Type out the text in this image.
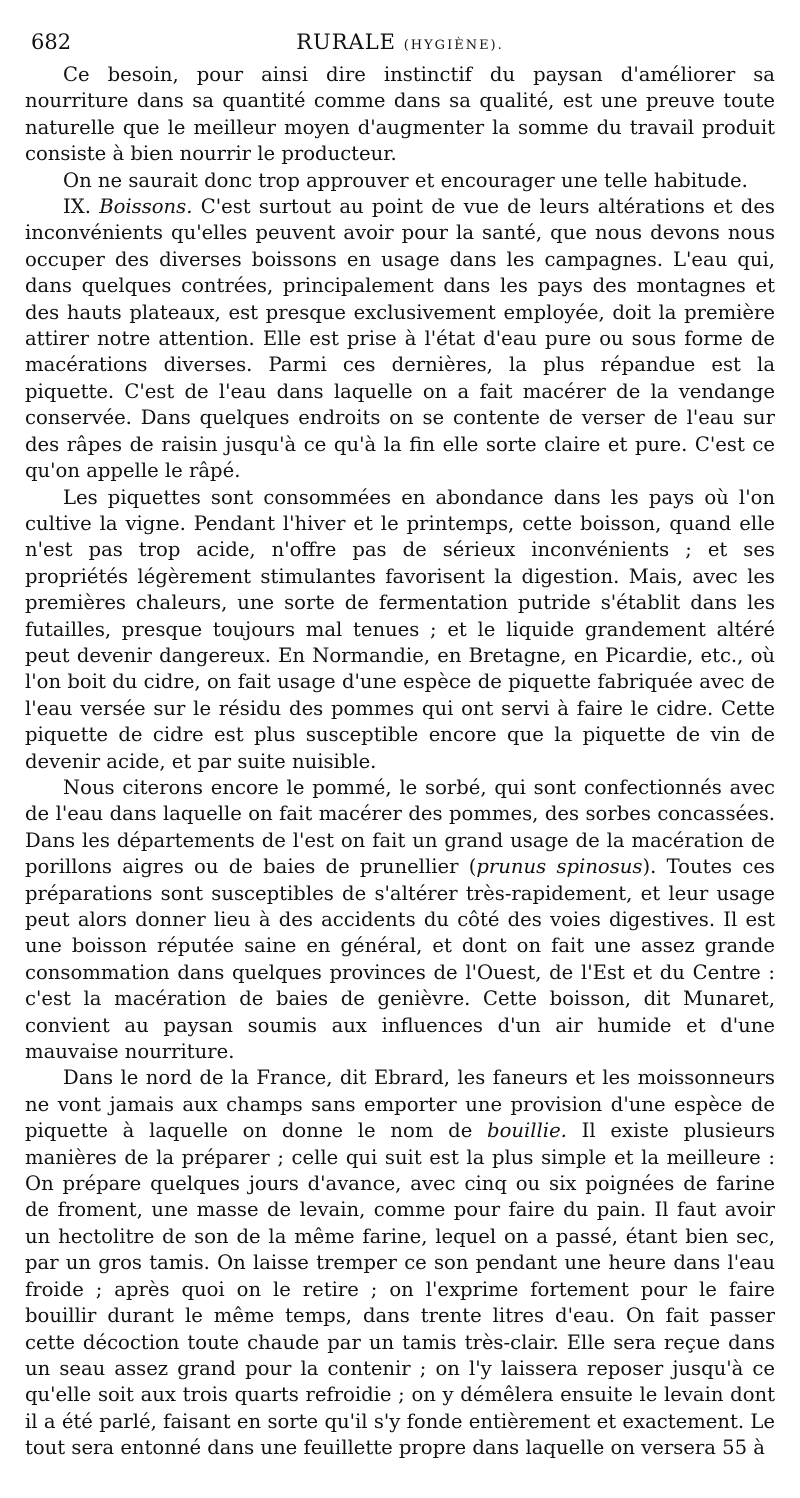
682	RURALE (HYGIÈNE).

Ce besoin, pour ainsi dire instinctif du paysan d'améliorer sa nourriture dans sa quantité comme dans sa qualité, est une preuve toute naturelle que le meilleur moyen d'augmenter la somme du travail produit consiste à bien nourrir le producteur.

On ne saurait donc trop approuver et encourager une telle habitude.

IX. Boissons. C'est surtout au point de vue de leurs altérations et des inconvénients qu'elles peuvent avoir pour la santé, que nous devons nous occuper des diverses boissons en usage dans les campagnes. L'eau qui, dans quelques contrées, principalement dans les pays des montagnes et des hauts plateaux, est presque exclusivement employée, doit la première attirer notre attention. Elle est prise à l'état d'eau pure ou sous forme de macérations diverses. Parmi ces dernières, la plus répandue est la piquette. C'est de l'eau dans laquelle on a fait macérer de la vendange conservée. Dans quelques endroits on se contente de verser de l'eau sur des râpes de raisin jusqu'à ce qu'à la fin elle sorte claire et pure. C'est ce qu'on appelle le râpé.

Les piquettes sont consommées en abondance dans les pays où l'on cultive la vigne. Pendant l'hiver et le printemps, cette boisson, quand elle n'est pas trop acide, n'offre pas de sérieux inconvénients ; et ses propriétés légèrement stimulantes favorisent la digestion. Mais, avec les premières chaleurs, une sorte de fermentation putride s'établit dans les futailles, presque toujours mal tenues ; et le liquide grandement altéré peut devenir dangereux. En Normandie, en Bretagne, en Picardie, etc., où l'on boit du cidre, on fait usage d'une espèce de piquette fabriquée avec de l'eau versée sur le résidu des pommes qui ont servi à faire le cidre. Cette piquette de cidre est plus susceptible encore que la piquette de vin de devenir acide, et par suite nuisible.

Nous citerons encore le pommé, le sorbé, qui sont confectionnés avec de l'eau dans laquelle on fait macérer des pommes, des sorbes concassées. Dans les départements de l'est on fait un grand usage de la macération de porillons aigres ou de baies de prunellier (prunus spinosus). Toutes ces préparations sont susceptibles de s'altérer très-rapidement, et leur usage peut alors donner lieu à des accidents du côté des voies digestives. Il est une boisson réputée saine en général, et dont on fait une assez grande consommation dans quelques provinces de l'Ouest, de l'Est et du Centre : c'est la macération de baies de genièvre. Cette boisson, dit Munaret, convient au paysan soumis aux influences d'un air humide et d'une mauvaise nourriture.

Dans le nord de la France, dit Ebrard, les faneurs et les moissonneurs ne vont jamais aux champs sans emporter une provision d'une espèce de piquette à laquelle on donne le nom de bouillie. Il existe plusieurs manières de la préparer ; celle qui suit est la plus simple et la meilleure : On prépare quelques jours d'avance, avec cinq ou six poignées de farine de froment, une masse de levain, comme pour faire du pain. Il faut avoir un hectolitre de son de la même farine, lequel on a passé, étant bien sec, par un gros tamis. On laisse tremper ce son pendant une heure dans l'eau froide ; après quoi on le retire ; on l'exprime fortement pour le faire bouillir durant le même temps, dans trente litres d'eau. On fait passer cette décoction toute chaude par un tamis très-clair. Elle sera reçue dans un seau assez grand pour la contenir ; on l'y laissera reposer jusqu'à ce qu'elle soit aux trois quarts refroidie ; on y démêlera ensuite le levain dont il a été parlé, faisant en sorte qu'il s'y fonde entièrement et exactement. Le tout sera entonné dans une feuillette propre dans laquelle on versera 55 à
